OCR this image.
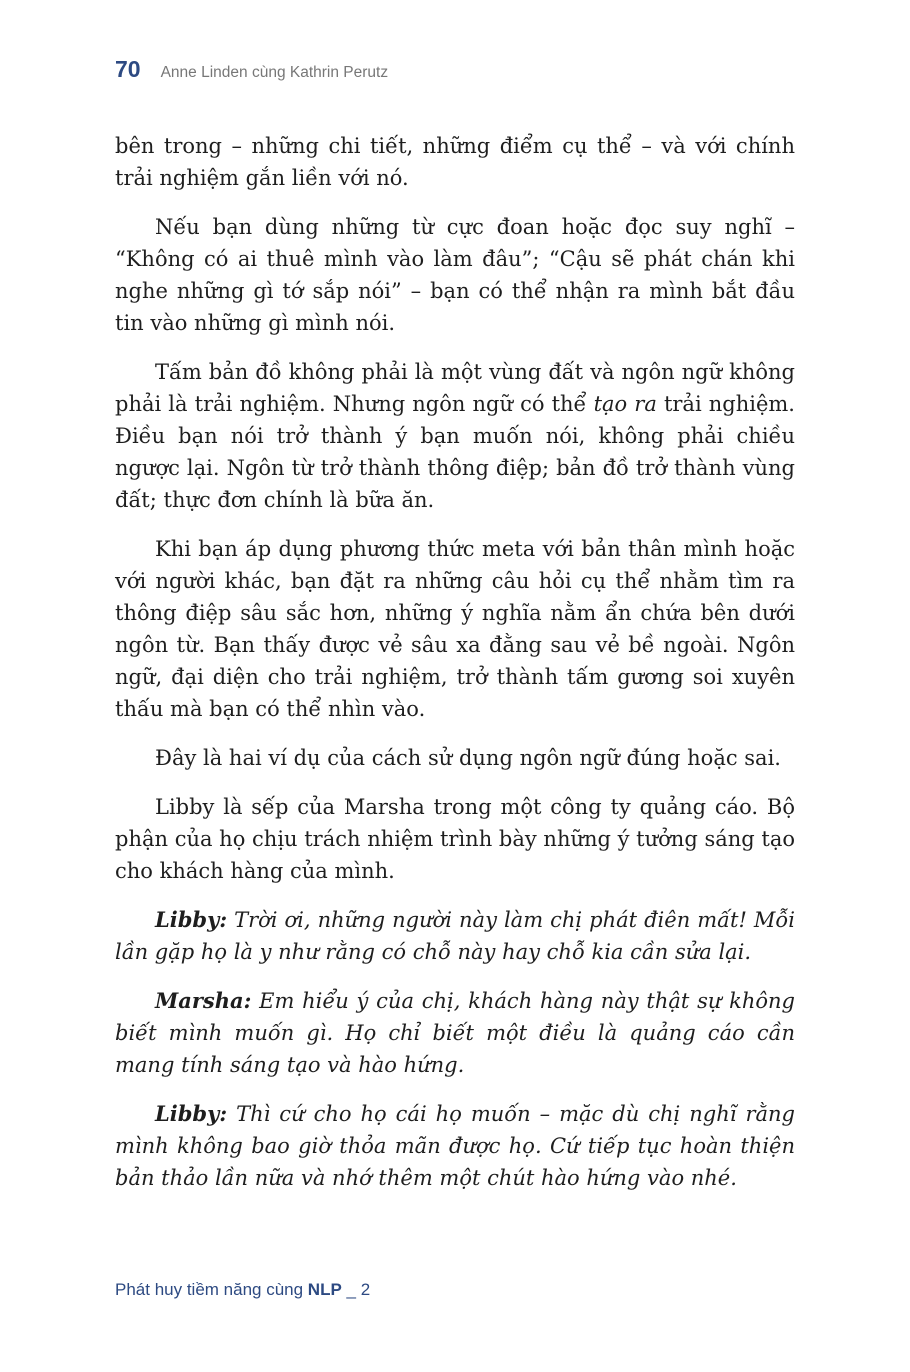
70 Anne Linden cùng Kathrin Perutz

bên trong – những chi tiết, những điểm cụ thể – và với chính trải nghiệm gắn liền với nó.

Nếu bạn dùng những từ cực đoan hoặc đọc suy nghĩ – “Không có ai thuê mình vào làm đâu”; “Cậu sẽ phát chán khi nghe những gì tớ sắp nói” – bạn có thể nhận ra mình bắt đầu tin vào những gì mình nói.

Tấm bản đồ không phải là một vùng đất và ngôn ngữ không phải là trải nghiệm. Nhưng ngôn ngữ có thể tạo ra trải nghiệm. Điều bạn nói trở thành ý bạn muốn nói, không phải chiều ngược lại. Ngôn từ trở thành thông điệp; bản đồ trở thành vùng đất; thực đơn chính là bữa ăn.

Khi bạn áp dụng phương thức meta với bản thân mình hoặc với người khác, bạn đặt ra những câu hỏi cụ thể nhằm tìm ra thông điệp sâu sắc hơn, những ý nghĩa nằm ẩn chứa bên dưới ngôn từ. Bạn thấy được vẻ sâu xa đằng sau vẻ bề ngoài. Ngôn ngữ, đại diện cho trải nghiệm, trở thành tấm gương soi xuyên thấu mà bạn có thể nhìn vào.

Đây là hai ví dụ của cách sử dụng ngôn ngữ đúng hoặc sai.

Libby là sếp của Marsha trong một công ty quảng cáo. Bộ phận của họ chịu trách nhiệm trình bày những ý tưởng sáng tạo cho khách hàng của mình.

Libby: Trời ơi, những người này làm chị phát điên mất! Mỗi lần gặp họ là y như rằng có chỗ này hay chỗ kia cần sửa lại.

Marsha: Em hiểu ý của chị, khách hàng này thật sự không biết mình muốn gì. Họ chỉ biết một điều là quảng cáo cần mang tính sáng tạo và hào hứng.

Libby: Thì cứ cho họ cái họ muốn – mặc dù chị nghĩ rằng mình không bao giờ thỏa mãn được họ. Cứ tiếp tục hoàn thiện bản thảo lần nữa và nhớ thêm một chút hào hứng vào nhé.

Phát huy tiềm năng cùng NLP _ 2
